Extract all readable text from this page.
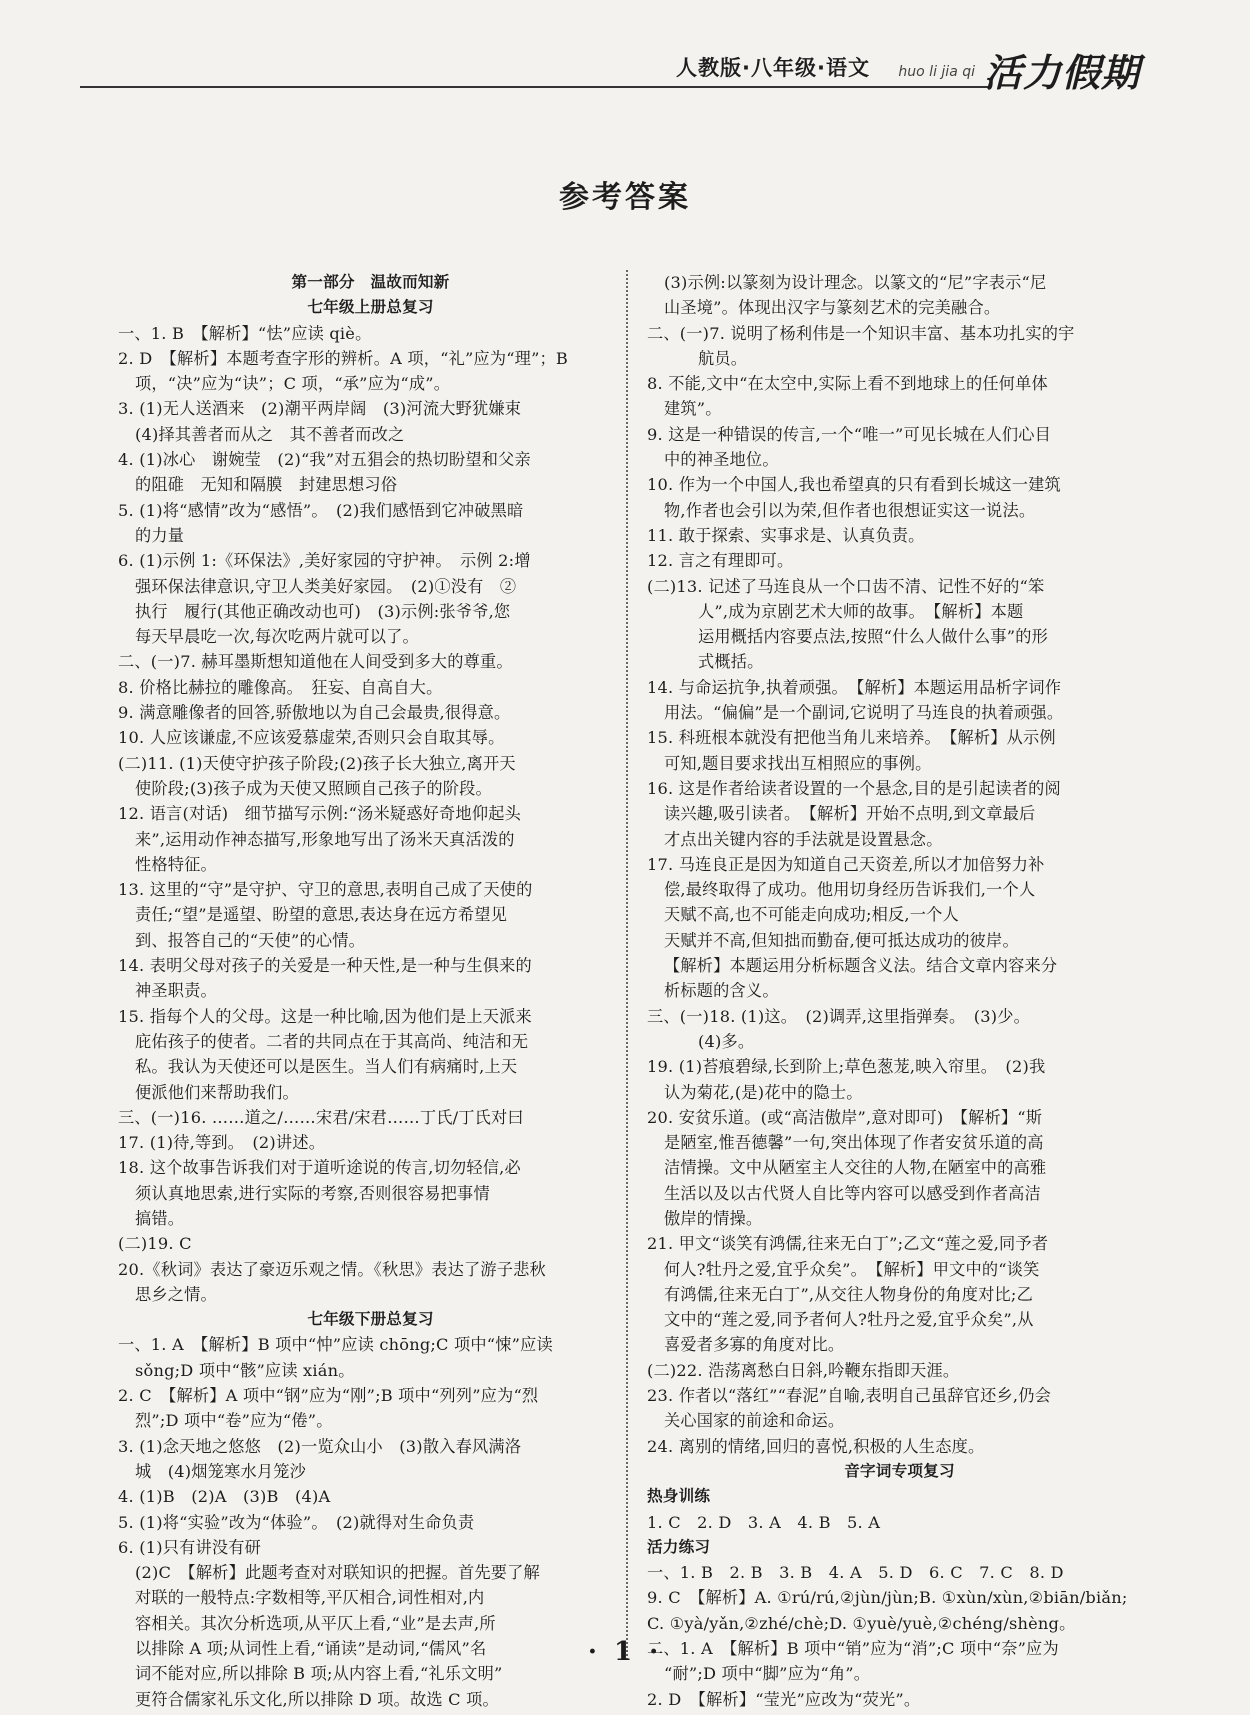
人教版·八年级·语文 huo li jia qi 活力假期
参考答案
第一部分　温故而知新
七年级上册总复习
一、1. B　【解析】“怯”应读 qiè。
2. D　【解析】本题考查字形的辨析。A 项，“礼”应为“理”；B
项，“决”应为“诀”；C 项，“承”应为“成”。
3. (1)无人送酒来　(2)潮平两岸阔　(3)河流大野犹嫌束
(4)择其善者而从之　其不善者而改之
4. (1)冰心　谢婉莹　(2)“我”对五猖会的热切盼望和父亲
的阻碓　无知和隔膜　封建思想习俗
5. (1)将“感情”改为“感悟”。　(2)我们感悟到它冲破黑暗
的力量
6. (1)示例 1:《环保法》,美好家园的守护神。　示例 2:增
强环保法律意识,守卫人类美好家园。　(2)①没有　②
执行　履行(其他正确改动也可)　(3)示例:张爷爷,您
每天早晨吃一次,每次吃两片就可以了。
二、(一)7. 赫耳墨斯想知道他在人间受到多大的尊重。
8. 价格比赫拉的雕像高。　狂妄、自高自大。
9. 满意雕像者的回答,骄傲地以为自己会最贵,很得意。
10. 人应该谦虚,不应该爱慕虚荣,否则只会自取其辱。
(二)11. (1)天使守护孩子阶段;(2)孩子长大独立,离开天
使阶段;(3)孩子成为天使又照顾自己孩子的阶段。
12. 语言(对话)　细节描写示例:“汤米疑惑好奇地仰起头
来”,运用动作神态描写,形象地写出了汤米天真活泼的
性格特征。
13. 这里的“守”是守护、守卫的意思,表明自己成了天使的
责任;“望”是遥望、盼望的意思,表达身在远方希望见
到、报答自己的“天使”的心情。
14. 表明父母对孩子的关爱是一种天性,是一种与生俱来的
神圣职责。
15. 指每个人的父母。这是一种比喻,因为他们是上天派来
庇佑孩子的使者。二者的共同点在于其高尚、纯洁和无
私。我认为天使还可以是医生。当人们有病痛时,上天
便派他们来帮助我们。
三、(一)16. ……道之/……宋君/宋君……丁氏/丁氏对曰
17. (1)待,等到。　(2)讲述。
18. 这个故事告诉我们对于道听途说的传言,切勿轻信,必
须认真地思索,进行实际的考察,否则很容易把事情
搞错。
(二)19. C
20.《秋词》表达了豪迈乐观之情。《秋思》表达了游子悲秋
思乡之情。
七年级下册总复习
一、1. A　【解析】B 项中“忡”应读 chōng;C 项中“悚”应读
sǒng;D 项中“骸”应读 xián。
2. C　【解析】A 项中“钢”应为“刚”;B 项中“列列”应为“烈
烈”;D 项中“卷”应为“倦”。
3. (1)念天地之悠悠　(2)一览众山小　(3)散入春风满洛
城　(4)烟笼寒水月笼沙
4. (1)B　(2)A　(3)B　(4)A
5. (1)将“实验”改为“体验”。　(2)就得对生命负责
6. (1)只有讲没有研
(2)C　【解析】此题考查对对联知识的把握。首先要了解
对联的一般特点:字数相等,平仄相合,词性相对,内
容相关。其次分析选项,从平仄上看,“业”是去声,所
以排除 A 项;从词性上看,“诵读”是动词,“儒风”名
词不能对应,所以排除 B 项;从内容上看,“礼乐文明”
更符合儒家礼乐文化,所以排除 D 项。故选 C 项。
(3)示例:以篆刻为设计理念。以篆文的“尼”字表示“尼
山圣境”。体现出汉字与篆刻艺术的完美融合。
二、(一)7. 说明了杨利伟是一个知识丰富、基本功扎实的宇
航员。
8. 不能,文中“在太空中,实际上看不到地球上的任何单体
建筑”。
9. 这是一种错误的传言,一个“唯一”可见长城在人们心目
中的神圣地位。
10. 作为一个中国人,我也希望真的只有看到长城这一建筑
物,作者也会引以为荣,但作者也很想证实这一说法。
11. 敢于探索、实事求是、认真负责。
12. 言之有理即可。
(二)13. 记述了马连良从一个口齿不清、记性不好的“笨
人”,成为京剧艺术大师的故事。　【解析】本题
运用概括内容要点法,按照“什么人做什么事”的形
式概括。
14. 与命运抗争,执着顽强。　【解析】本题运用品析字词作
用法。“偏偏”是一个副词,它说明了马连良的执着顽强。
15. 科班根本就没有把他当角儿来培养。　【解析】从示例
可知,题目要求找出互相照应的事例。
16. 这是作者给读者设置的一个悬念,目的是引起读者的阅
读兴趣,吸引读者。　【解析】开始不点明,到文章最后
才点出关键内容的手法就是设置悬念。
17. 马连良正是因为知道自己天资差,所以才加倍努力补
偿,最终取得了成功。他用切身经历告诉我们,一个人
天赋不高,也不可能走向成功;相反,一个人
天赋并不高,但知拙而勤奋,便可抵达成功的彼岸。
【解析】本题运用分析标题含义法。结合文章内容来分
析标题的含义。
三、(一)18. (1)这。　(2)调弄,这里指弹奏。　(3)少。
(4)多。
19. (1)苔痕碧绿,长到阶上;草色葱茏,映入帘里。　(2)我
认为菊花,(是)花中的隐士。
20. 安贫乐道。(或“高洁傲岸”,意对即可)　【解析】“斯
是陋室,惟吾德馨”一句,突出体现了作者安贫乐道的高
洁情操。文中从陋室主人交往的人物,在陋室中的高雅
生活以及以古代贤人自比等内容可以感受到作者高洁
傲岸的情操。
21. 甲文“谈笑有鸿儒,往来无白丁”;乙文“莲之爱,同予者
何人?牡丹之爱,宜乎众矣”。　【解析】甲文中的“谈笑
有鸿儒,往来无白丁”,从交往人物身份的角度对比;乙
文中的“莲之爱,同予者何人?牡丹之爱,宜乎众矣”,从
喜爱者多寡的角度对比。
(二)22. 浩荡离愁白日斜,吟鞭东指即天涯。
23. 作者以“落红”“春泥”自喻,表明自己虽辞官还乡,仍会
关心国家的前途和命运。
24. 离别的情绪,回归的喜悦,积极的人生态度。
音字词专项复习
热身训练
1. C　2. D　3. A　4. B　5. A
活力练习
一、1. B　2. B　3. B　4. A　5. D　6. C　7. C　8. D
9. C　【解析】A. ①rú/rú,②jùn/jùn;B. ①xùn/xùn,②biān/biǎn;
C. ①yà/yǎn,②zhé/chè;D. ①yuè/yuè,②chéng/shèng。
二、1. A　【解析】B 项中“销”应为“消”;C 项中“奈”应为
“耐”;D 项中“脚”应为“角”。
2. D　【解析】“莹光”应改为“荧光”。
· 1 ·
